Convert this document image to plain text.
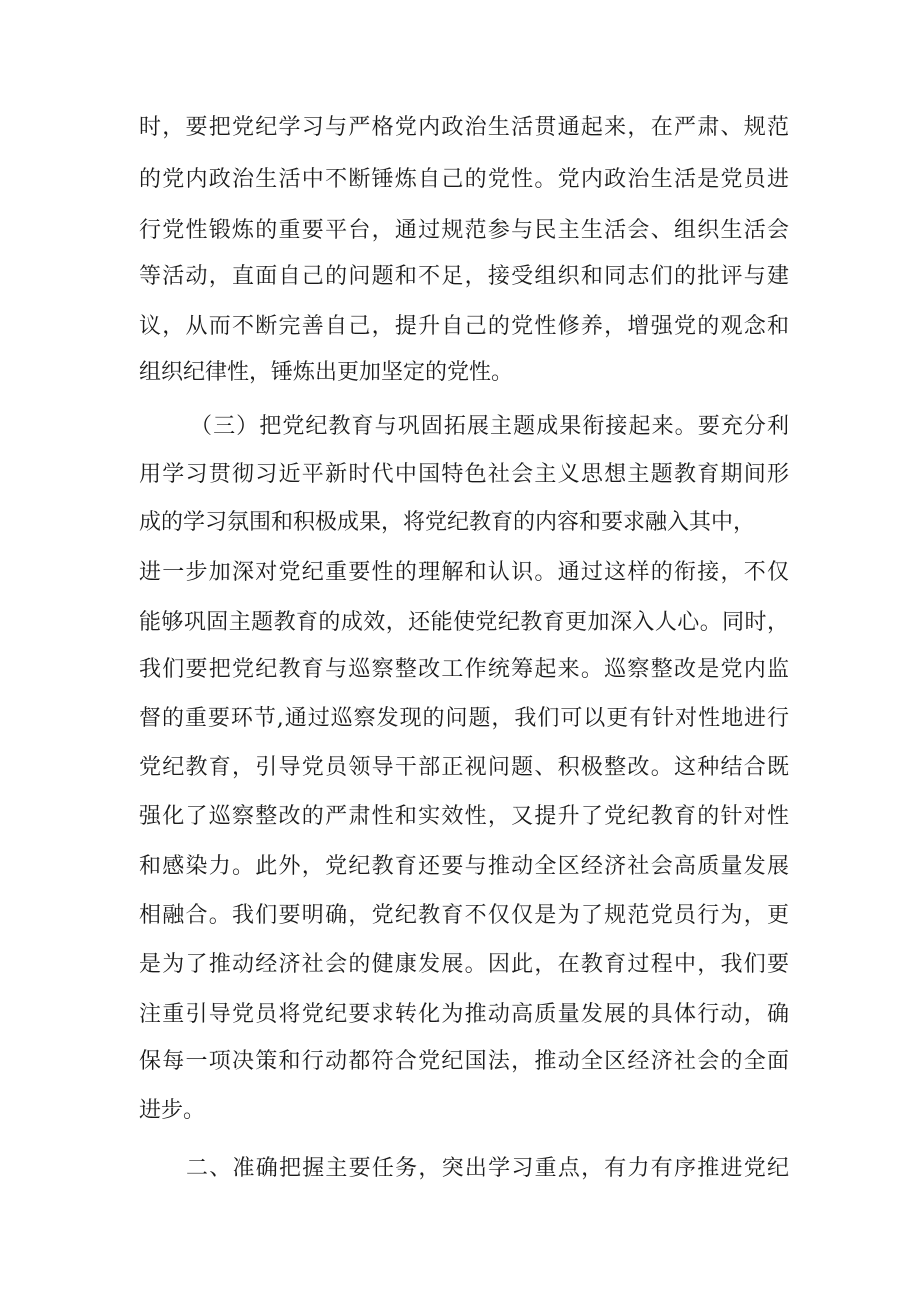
时，要把党纪学习与严格党内政治生活贯通起来，在严肃、规范
的党内政治生活中不断锤炼自己的党性。党内政治生活是党员进
行党性锻炼的重要平台，通过规范参与民主生活会、组织生活会
等活动，直面自己的问题和不足，接受组织和同志们的批评与建
议，从而不断完善自己，提升自己的党性修养，增强党的观念和
组织纪律性，锤炼出更加坚定的党性。
（三）把党纪教育与巩固拓展主题成果衔接起来。要充分利
用学习贯彻习近平新时代中国特色社会主义思想主题教育期间形
成的学习氛围和积极成果，将党纪教育的内容和要求融入其中，
进一步加深对党纪重要性的理解和认识。通过这样的衔接，不仅
能够巩固主题教育的成效，还能使党纪教育更加深入人心。同时，
我们要把党纪教育与巡察整改工作统筹起来。巡察整改是党内监
督的重要环节,通过巡察发现的问题，我们可以更有针对性地进行
党纪教育，引导党员领导干部正视问题、积极整改。这种结合既
强化了巡察整改的严肃性和实效性，又提升了党纪教育的针对性
和感染力。此外，党纪教育还要与推动全区经济社会高质量发展
相融合。我们要明确，党纪教育不仅仅是为了规范党员行为，更
是为了推动经济社会的健康发展。因此，在教育过程中，我们要
注重引导党员将党纪要求转化为推动高质量发展的具体行动，确
保每一项决策和行动都符合党纪国法，推动全区经济社会的全面
进步。
二、准确把握主要任务，突出学习重点，有力有序推进党纪
